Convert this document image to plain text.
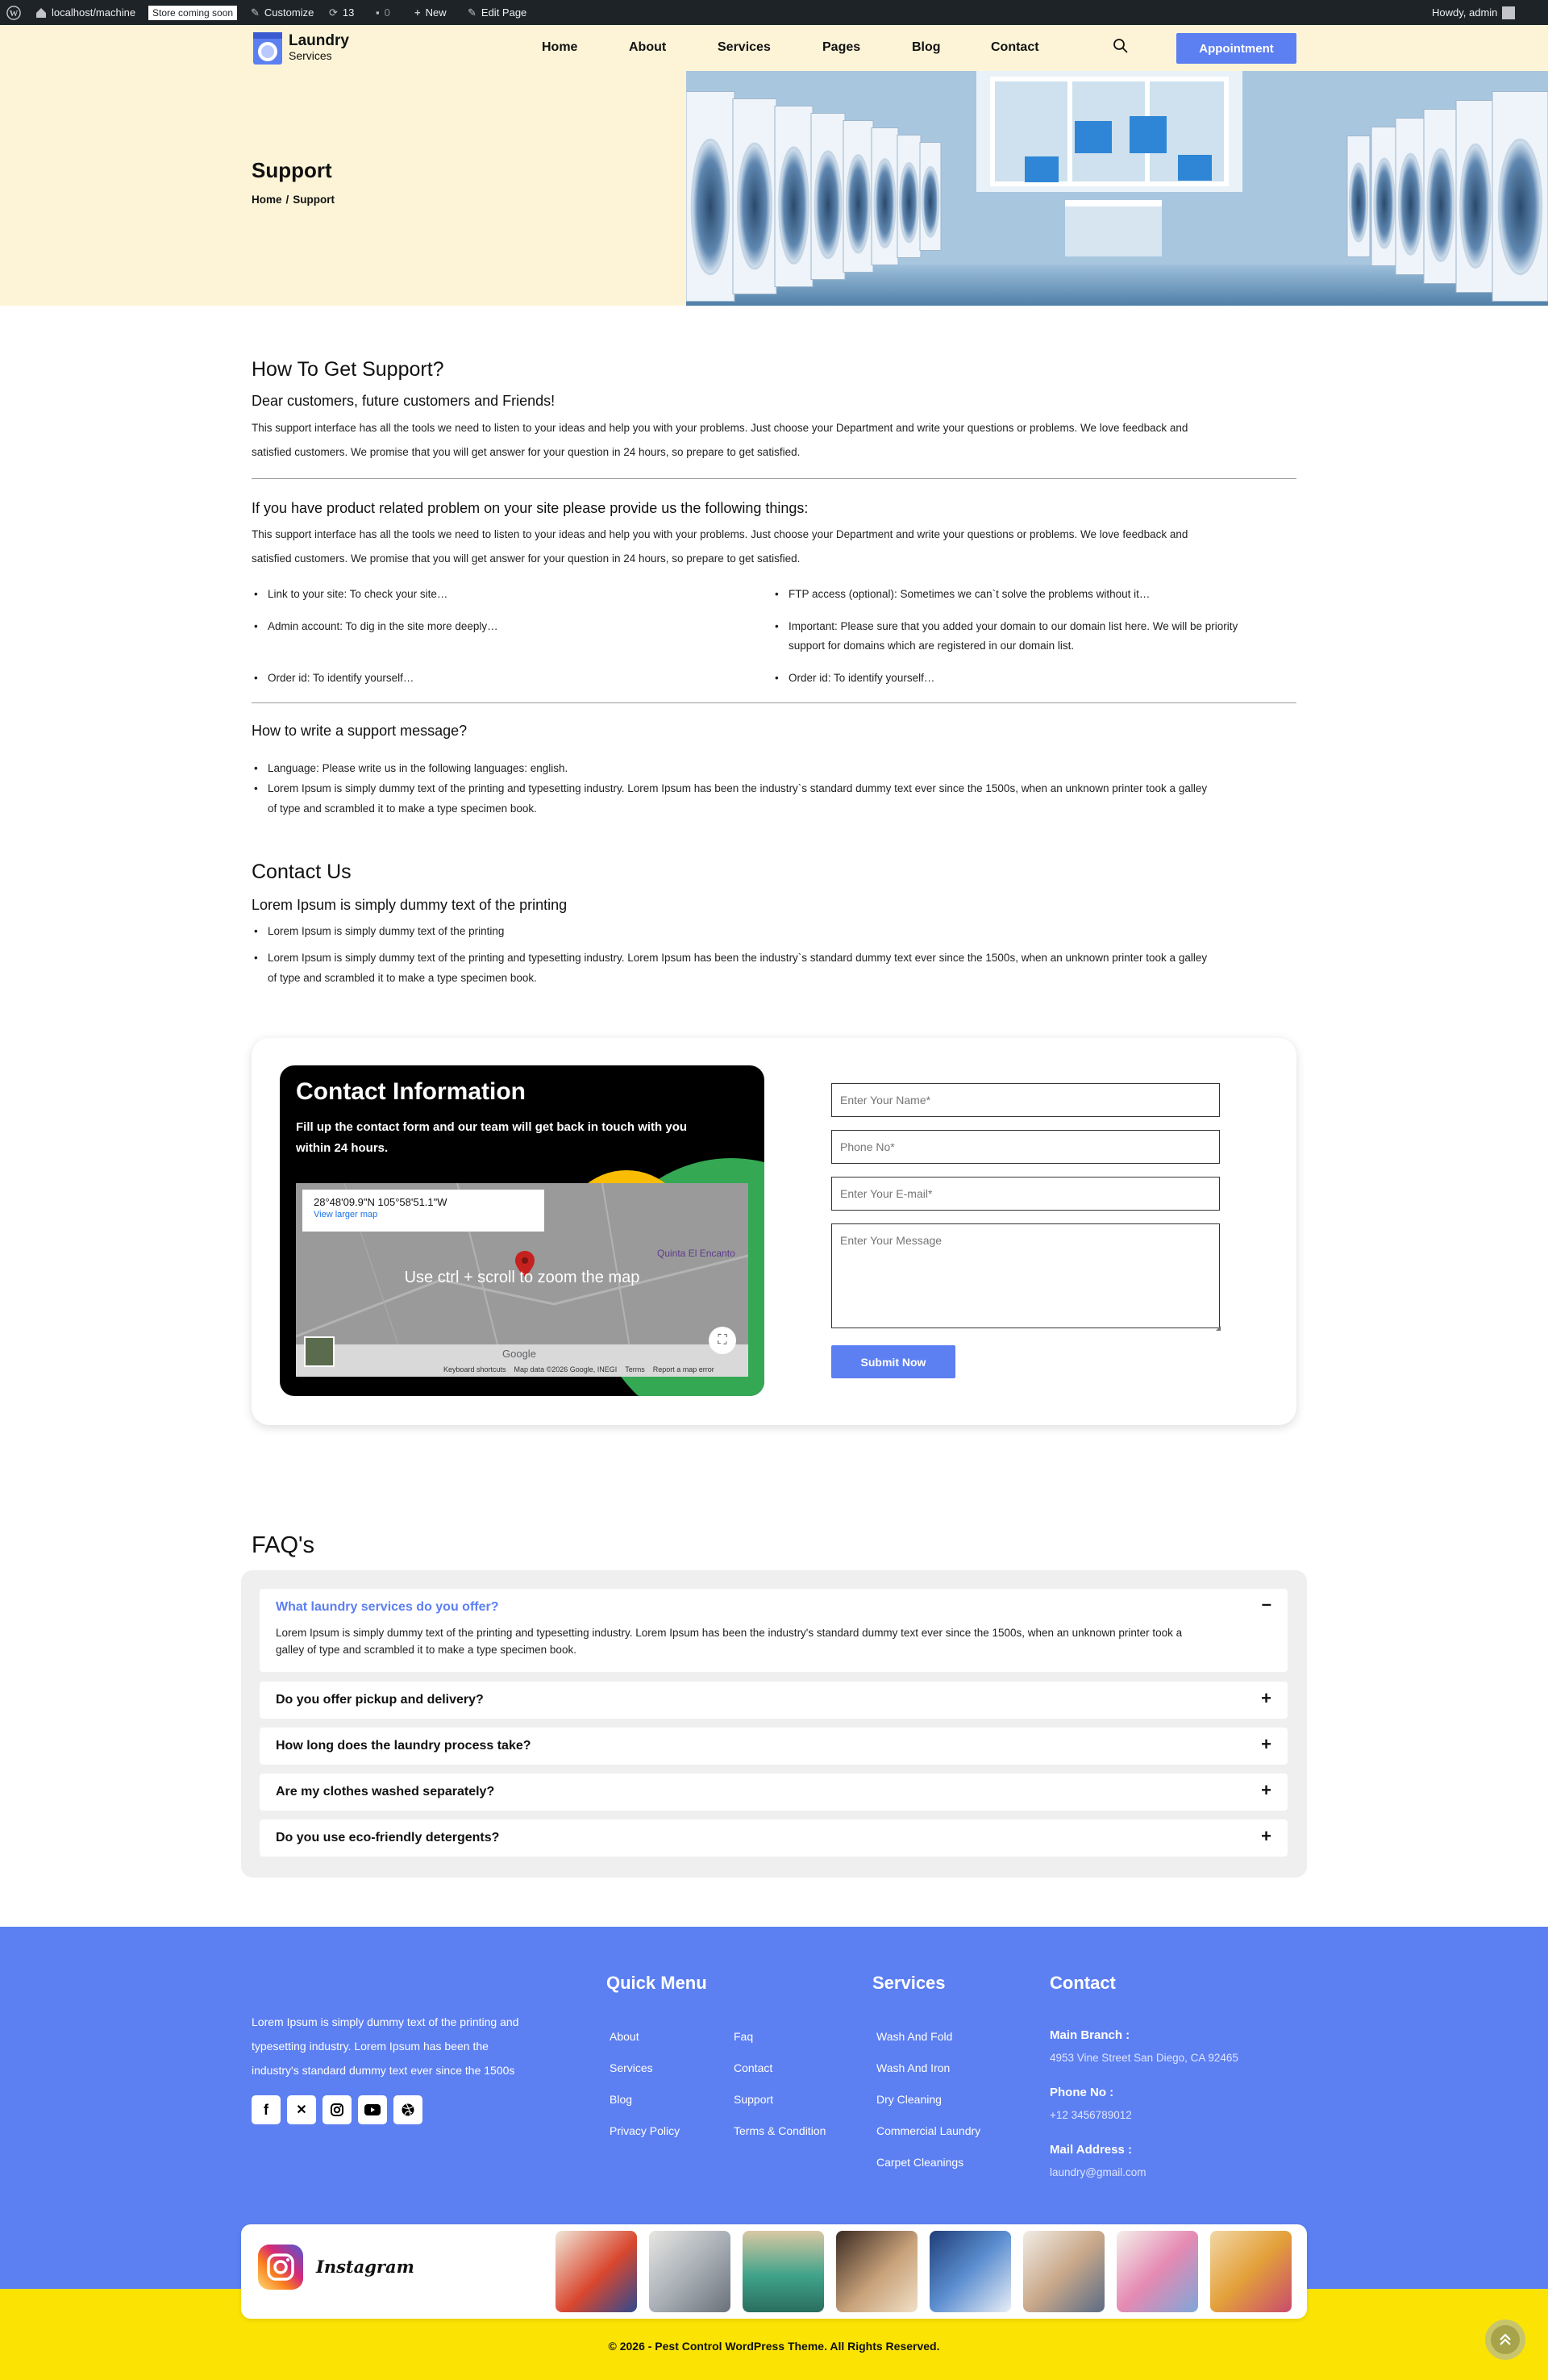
W	localhost/machine	Store coming soon	✎ Customize ⟳ 13 ▪ 0 + New ✎ Edit Page	Howdy, admin
Laundry
Services
Home	About	Services	Pages	Blog	Contact	Appointment
Support
Home / Support
How To Get Support?
Dear customers, future customers and Friends!
This support interface has all the tools we need to listen to your ideas and help you with your problems. Just choose your Department and write your questions or problems. We love feedback and
satisfied customers. We promise that you will get answer for your question in 24 hours, so prepare to get satisfied.
If you have product related problem on your site please provide us the following things:
This support interface has all the tools we need to listen to your ideas and help you with your problems. Just choose your Department and write your questions or problems. We love feedback and
satisfied customers. We promise that you will get answer for your question in 24 hours, so prepare to get satisfied.
• Link to your site: To check your site…
• Admin account: To dig in the site more deeply…
• Order id: To identify yourself…
• FTP access (optional): Sometimes we can`t solve the problems without it…
• Important: Please sure that you added your domain to our domain list here. We will be priority
support for domains which are registered in our domain list.
• Order id: To identify yourself…
How to write a support message?
• Language: Please write us in the following languages: english.
• Lorem Ipsum is simply dummy text of the printing and typesetting industry. Lorem Ipsum has been the industry`s standard dummy text ever since the 1500s, when an unknown printer took a galley
of type and scrambled it to make a type specimen book.
Contact Us
Lorem Ipsum is simply dummy text of the printing
• Lorem Ipsum is simply dummy text of the printing
• Lorem Ipsum is simply dummy text of the printing and typesetting industry. Lorem Ipsum has been the industry`s standard dummy text ever since the 1500s, when an unknown printer took a galley
of type and scrambled it to make a type specimen book.
Contact Information
Fill up the contact form and our team will get back in touch with you
within 24 hours.
28°48'09.9"N 105°58'51.1"W
View larger map
Quinta El Encanto
Use ctrl + scroll to zoom the map
⛶
Google
Keyboard shortcuts Map data ©2026 Google, INEGI Terms Report a map error
Enter Your Name*
Phone No*
Enter Your E-mail*
Enter Your Message
◢
Submit Now
FAQ's
What laundry services do you offer?	–
Lorem Ipsum is simply dummy text of the printing and typesetting industry. Lorem Ipsum has been the industry's standard dummy text ever since the 1500s, when an unknown printer took a
galley of type and scrambled it to make a type specimen book.
Do you offer pickup and delivery?	+
How long does the laundry process take?	+
Are my clothes washed separately?	+
Do you use eco-friendly detergents?	+
Lorem Ipsum is simply dummy text of the printing and
typesetting industry. Lorem Ipsum has been the
industry's standard dummy text ever since the 1500s
f ✕
Quick Menu
About
Services
Blog
Privacy Policy
Faq
Contact
Support
Terms & Condition
Services
Wash And Fold
Wash And Iron
Dry Cleaning
Commercial Laundry
Carpet Cleanings
Contact
Main Branch :
4953 Vine Street San Diego, CA 92465
Phone No :
+12 3456789012
Mail Address :
laundry@gmail.com
Instagram
© 2026 - Pest Control WordPress Theme. All Rights Reserved.
